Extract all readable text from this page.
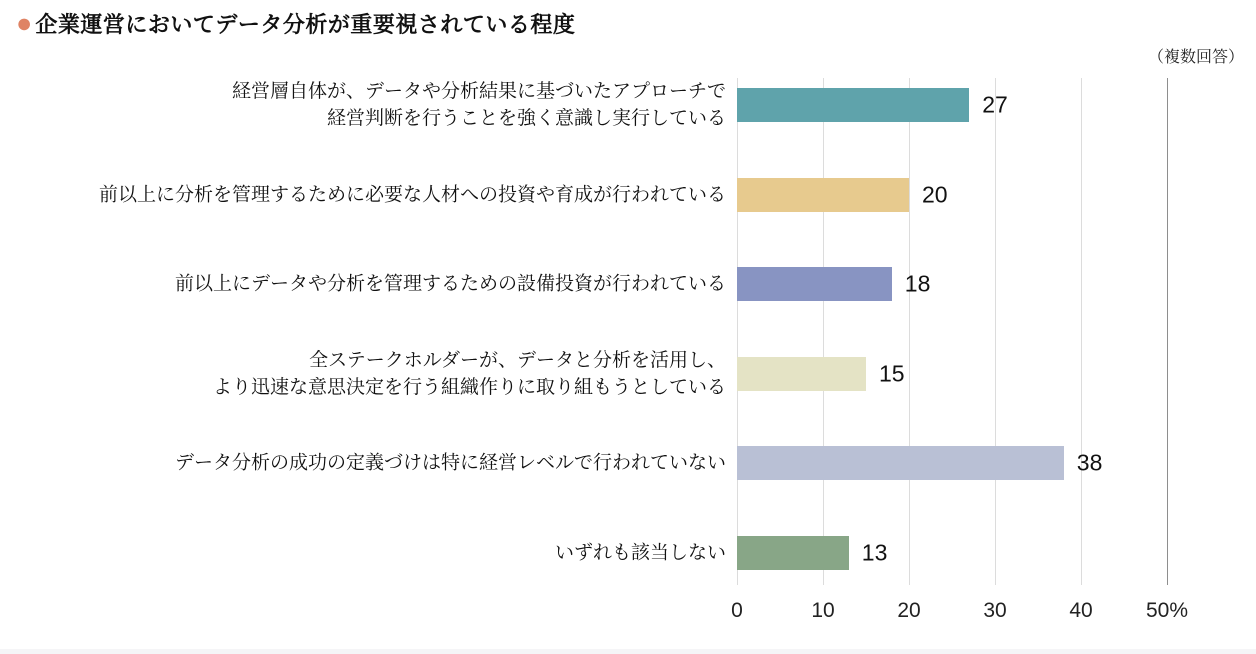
● 企業運営においてデータ分析が重要視されている程度
（複数回答）
0	10	20	30	40	50%
経営層自体が、データや分析結果に基づいたアプローチで
経営判断を行うことを強く意識し実行している
27
前以上に分析を管理するために必要な人材への投資や育成が行われている	20
前以上にデータや分析を管理するための設備投資が行われている	18
全ステークホルダーが、データと分析を活用し、
より迅速な意思決定を行う組織作りに取り組もうとしている
15
データ分析の成功の定義づけは特に経営レベルで行われていない	38
いずれも該当しない	13
